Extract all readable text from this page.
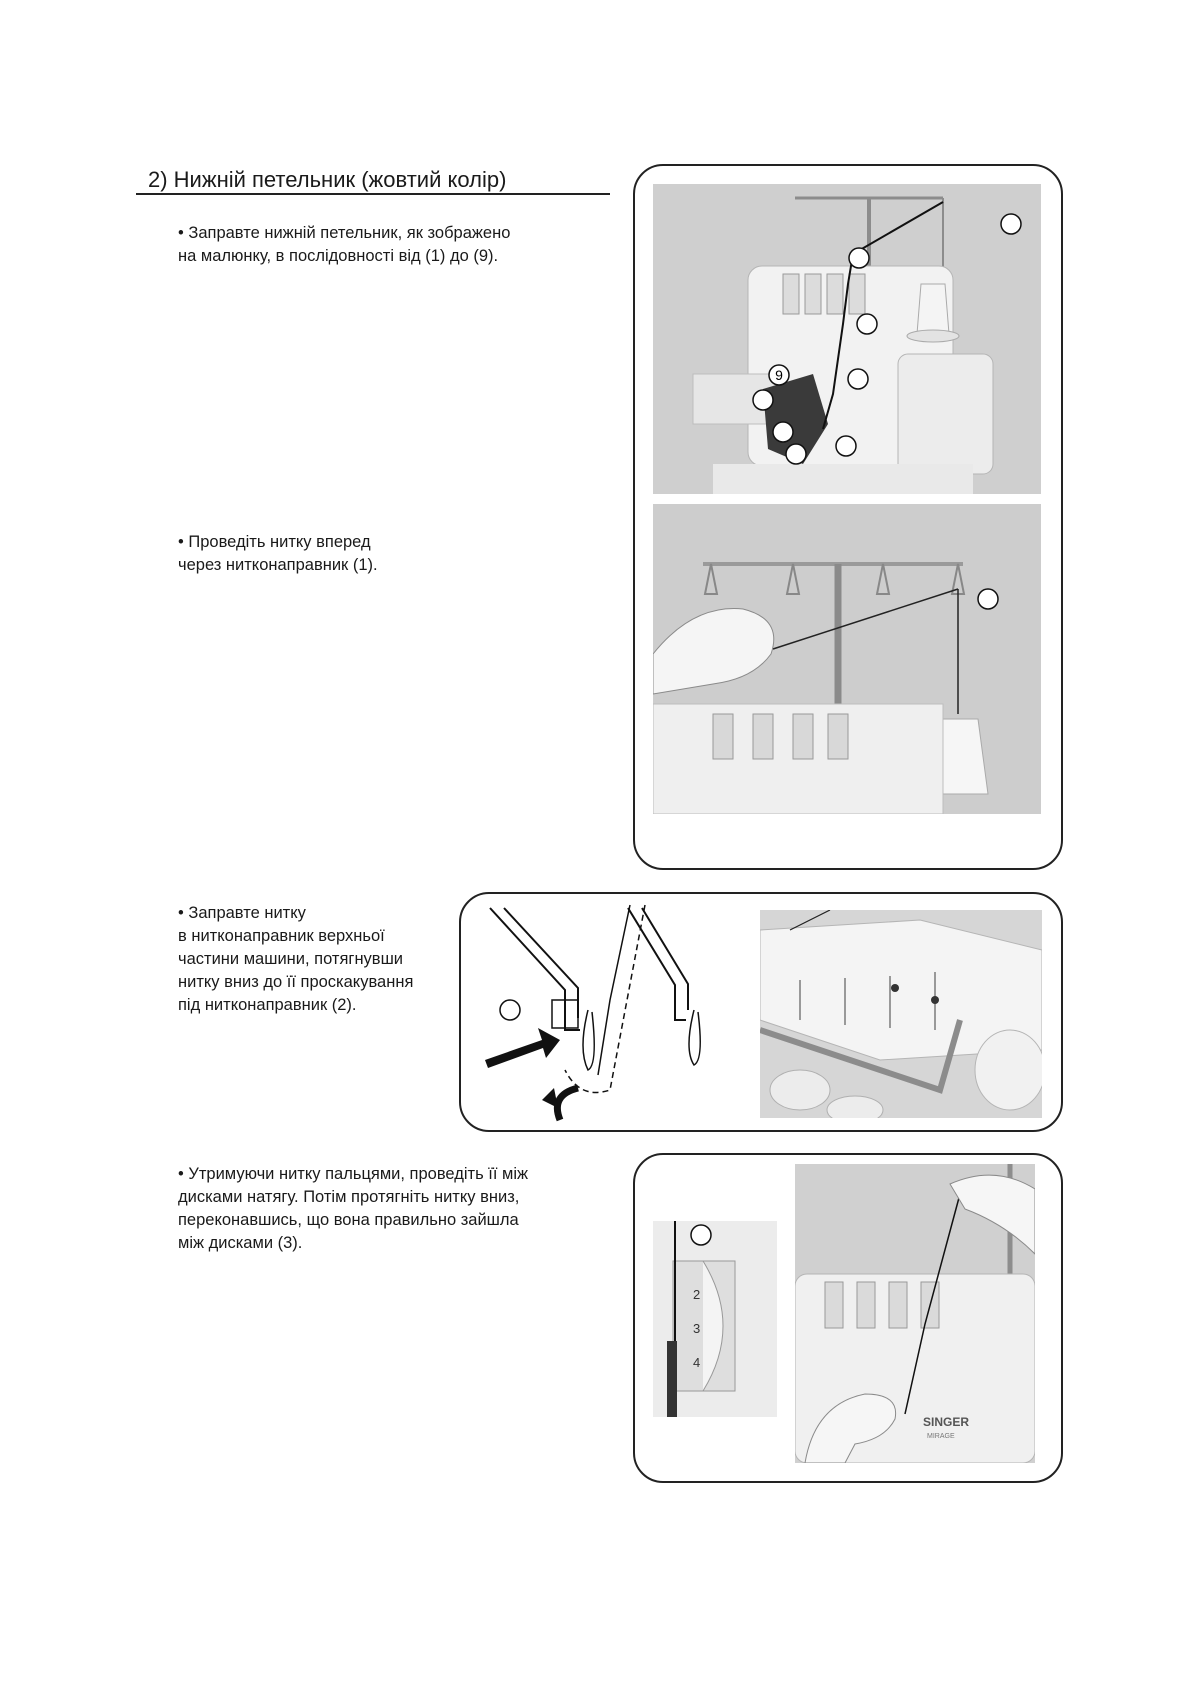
2) Нижній петельник (жовтий колір)
• Заправте нижній петельник, як зображено
на малюнку, в послідовності від (1) до (9).
• Проведіть нитку вперед
через нитконаправник (1).
• Заправте нитку
в нитконаправник верхньої
частини машини, потягнувши
нитку вниз до її проскакування
під нитконаправник (2).
• Утримуючи нитку пальцями, проведіть її між
дисками натягу. Потім протягніть нитку вниз,
переконавшись, що вона правильно зайшла
між дисками (3).
9
2
3
4
SINGER
MIRAGE
